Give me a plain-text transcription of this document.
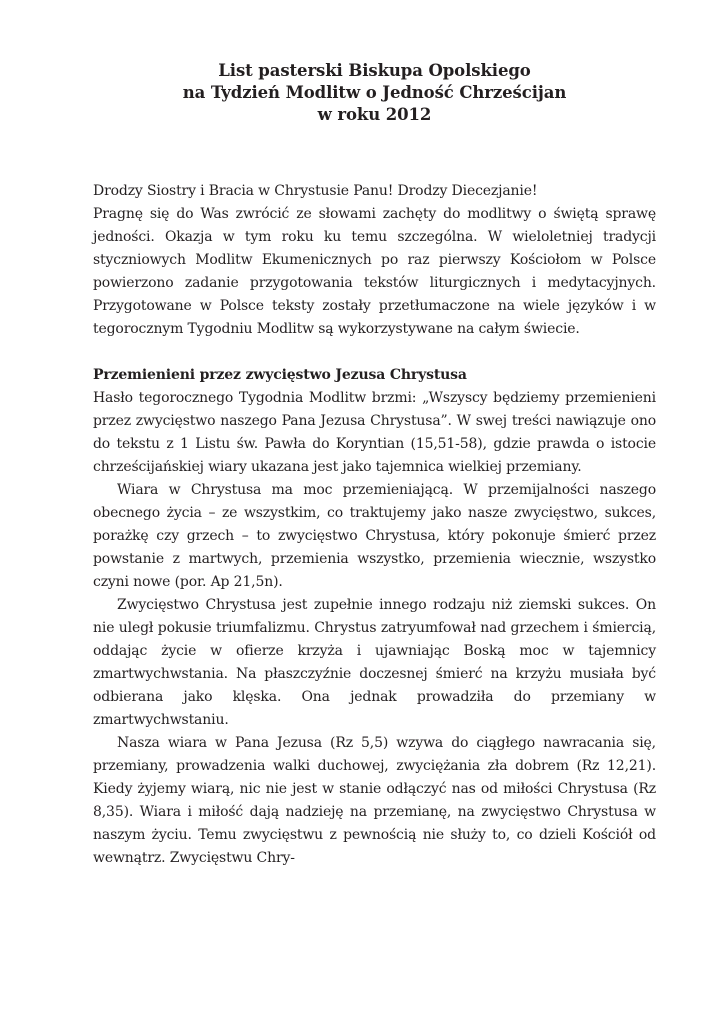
List pasterski Biskupa Opolskiego
na Tydzień Modlitw o Jedność Chrześcijan
w roku 2012

Drodzy Siostry i Bracia w Chrystusie Panu! Drodzy Diecezjanie!

Pragnę się do Was zwrócić ze słowami zachęty do modlitwy o świętą sprawę jedności. Okazja w tym roku ku temu szczególna. W wieloletniej tradycji styczniowych Modlitw Ekumenicznych po raz pierwszy Kościołom w Polsce powierzono zadanie przygotowania tekstów liturgicznych i medytacyjnych. Przygotowane w Polsce teksty zostały przetłumaczone na wiele języków i w tegorocznym Tygodniu Modlitw są wykorzystywane na całym świecie.

Przemienieni przez zwycięstwo Jezusa Chrystusa

Hasło tegorocznego Tygodnia Modlitw brzmi: „Wszyscy będziemy przemienieni przez zwycięstwo naszego Pana Jezusa Chrystusa”. W swej treści nawiązuje ono do tekstu z 1 Listu św. Pawła do Koryntian (15,51-58), gdzie prawda o istocie chrześcijańskiej wiary ukazana jest jako tajemnica wielkiej przemiany.

Wiara w Chrystusa ma moc przemieniającą. W przemijalności naszego obecnego życia – ze wszystkim, co traktujemy jako nasze zwycięstwo, sukces, porażkę czy grzech – to zwycięstwo Chrystusa, który pokonuje śmierć przez powstanie z martwych, przemienia wszystko, przemienia wiecznie, wszystko czyni nowe (por. Ap 21,5n).

Zwycięstwo Chrystusa jest zupełnie innego rodzaju niż ziemski sukces. On nie uległ pokusie triumfalizmu. Chrystus zatryumfował nad grzechem i śmiercią, oddając życie w ofierze krzyża i ujawniając Boską moc w tajemnicy zmartwychwstania. Na płaszczyźnie doczesnej śmierć na krzyżu musiała być odbierana jako klęska. Ona jednak prowadziła do przemiany w zmartwychwstaniu.

Nasza wiara w Pana Jezusa (Rz 5,5) wzywa do ciągłego nawracania się, przemiany, prowadzenia walki duchowej, zwyciężania zła dobrem (Rz 12,21). Kiedy żyjemy wiarą, nic nie jest w stanie odłączyć nas od miłości Chrystusa (Rz 8,35). Wiara i miłość dają nadzieję na przemianę, na zwycięstwo Chrystusa w naszym życiu. Temu zwycięstwu z pewnością nie służy to, co dzieli Kościół od wewnątrz. Zwycięstwu Chry-
